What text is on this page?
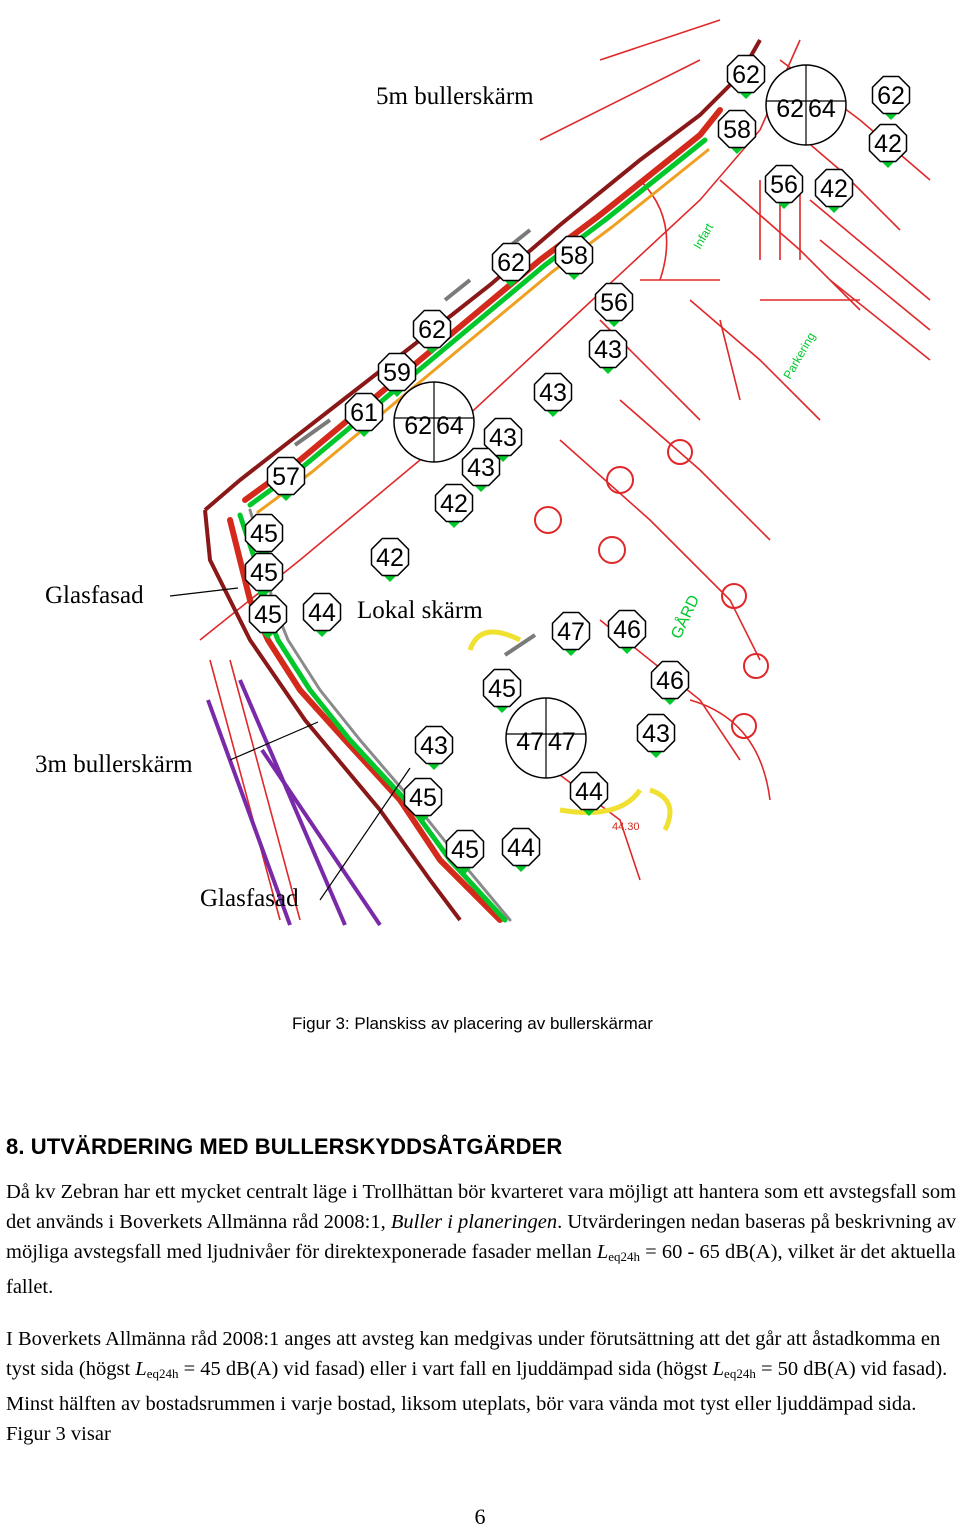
Infart
GÅRD
Parkering
44.30
5m bullerskärm
Glasfasad
Lokal skärm
3m bullerskärm
Glasfasad
62
62
42
58
43
56 42
62 58
56
62
43
59
43
61
43
42
57
42
45
45
43
45 44
47 46
46
45
43
45	44
45 44
62 64
62 64
47 47
Figur 3: Planskiss av placering av bullerskärmar
8. UTVÄRDERING MED BULLERSKYDDSÅTGÄRDER

Då kv Zebran har ett mycket centralt läge i Trollhättan bör kvarteret vara möjligt att hantera som ett avstegsfall som det används i Boverkets Allmänna råd 2008:1, Buller i planeringen. Utvärderingen nedan baseras på beskrivning av möjliga avstegsfall med ljudnivåer för direktexponerade fasader mellan $L_{eq24h} = 60 - 65$ dB(A), vilket är det aktuella fallet.

I Boverkets Allmänna råd 2008:1 anges att avsteg kan medgivas under förutsättning att det går att åstadkomma en tyst sida (högst $L_{eq24h} = 45$ dB(A) vid fasad) eller i vart fall en ljuddämpad sida (högst $L_{eq24h} = 50$ dB(A) vid fasad). Minst hälften av bostadsrummen i varje bostad, liksom uteplats, bör vara vända mot tyst eller ljuddämpad sida. Figur 3 visar

6
